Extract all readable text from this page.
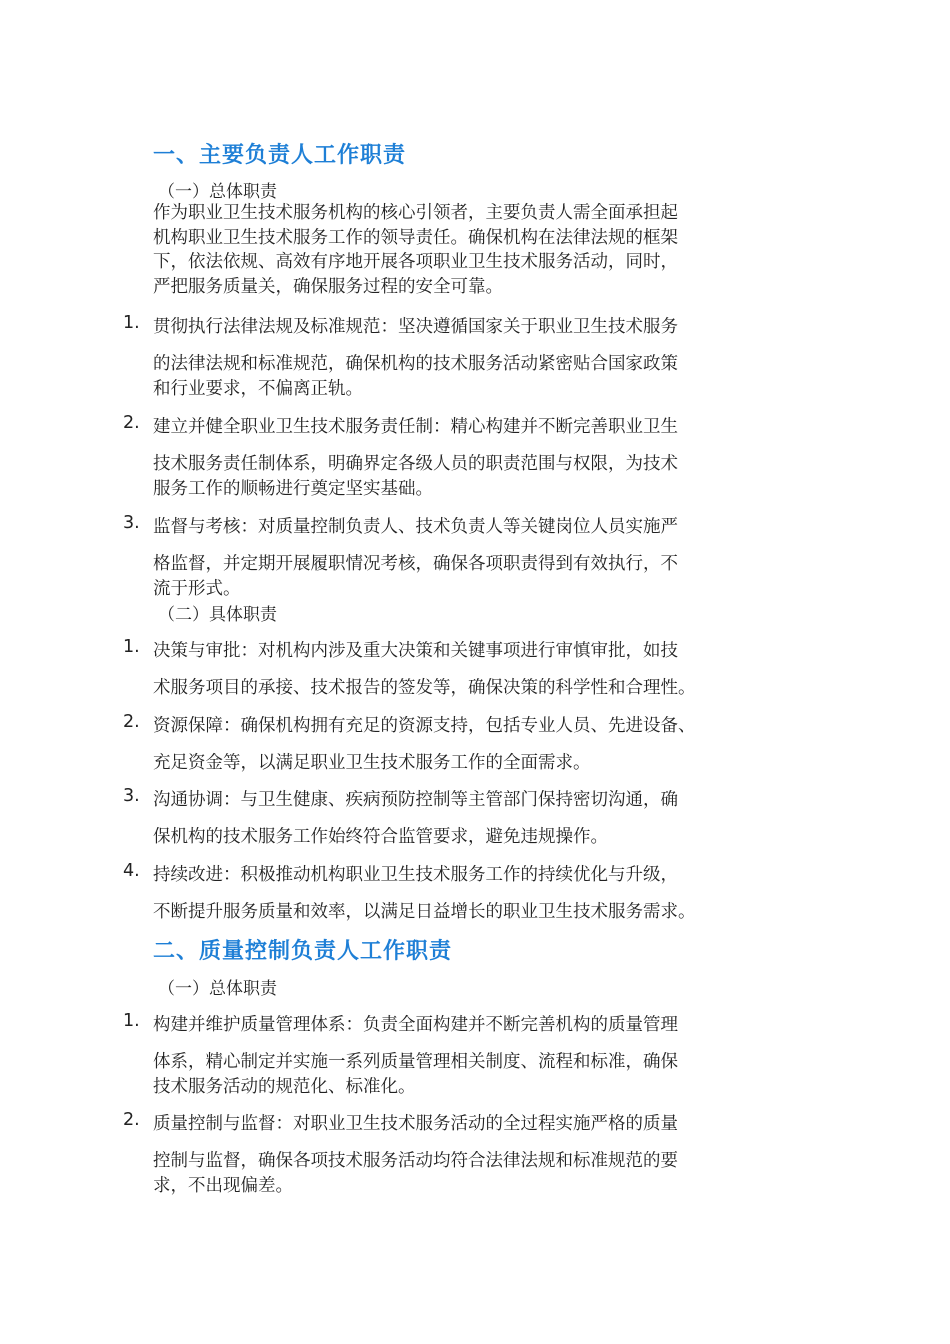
一、主要负责人工作职责
（一）总体职责
作为职业卫生技术服务机构的核心引领者，主要负责人需全面承担起
机构职业卫生技术服务工作的领导责任。确保机构在法律法规的框架
下，依法依规、高效有序地开展各项职业卫生技术服务活动，同时，
严把服务质量关，确保服务过程的安全可靠。
1. 贯彻执行法律法规及标准规范：坚决遵循国家关于职业卫生技术服务
的法律法规和标准规范，确保机构的技术服务活动紧密贴合国家政策
和行业要求，不偏离正轨。
2. 建立并健全职业卫生技术服务责任制：精心构建并不断完善职业卫生
技术服务责任制体系，明确界定各级人员的职责范围与权限，为技术
服务工作的顺畅进行奠定坚实基础。
3. 监督与考核：对质量控制负责人、技术负责人等关键岗位人员实施严
格监督，并定期开展履职情况考核，确保各项职责得到有效执行，不
流于形式。
（二）具体职责
1. 决策与审批：对机构内涉及重大决策和关键事项进行审慎审批，如技
术服务项目的承接、技术报告的签发等，确保决策的科学性和合理性。
2. 资源保障：确保机构拥有充足的资源支持，包括专业人员、先进设备、
充足资金等，以满足职业卫生技术服务工作的全面需求。
3. 沟通协调：与卫生健康、疾病预防控制等主管部门保持密切沟通，确
保机构的技术服务工作始终符合监管要求，避免违规操作。
4. 持续改进：积极推动机构职业卫生技术服务工作的持续优化与升级，
不断提升服务质量和效率，以满足日益增长的职业卫生技术服务需求。
二、质量控制负责人工作职责
（一）总体职责
1. 构建并维护质量管理体系：负责全面构建并不断完善机构的质量管理
体系，精心制定并实施一系列质量管理相关制度、流程和标准，确保
技术服务活动的规范化、标准化。
2. 质量控制与监督：对职业卫生技术服务活动的全过程实施严格的质量
控制与监督，确保各项技术服务活动均符合法律法规和标准规范的要
求，不出现偏差。
